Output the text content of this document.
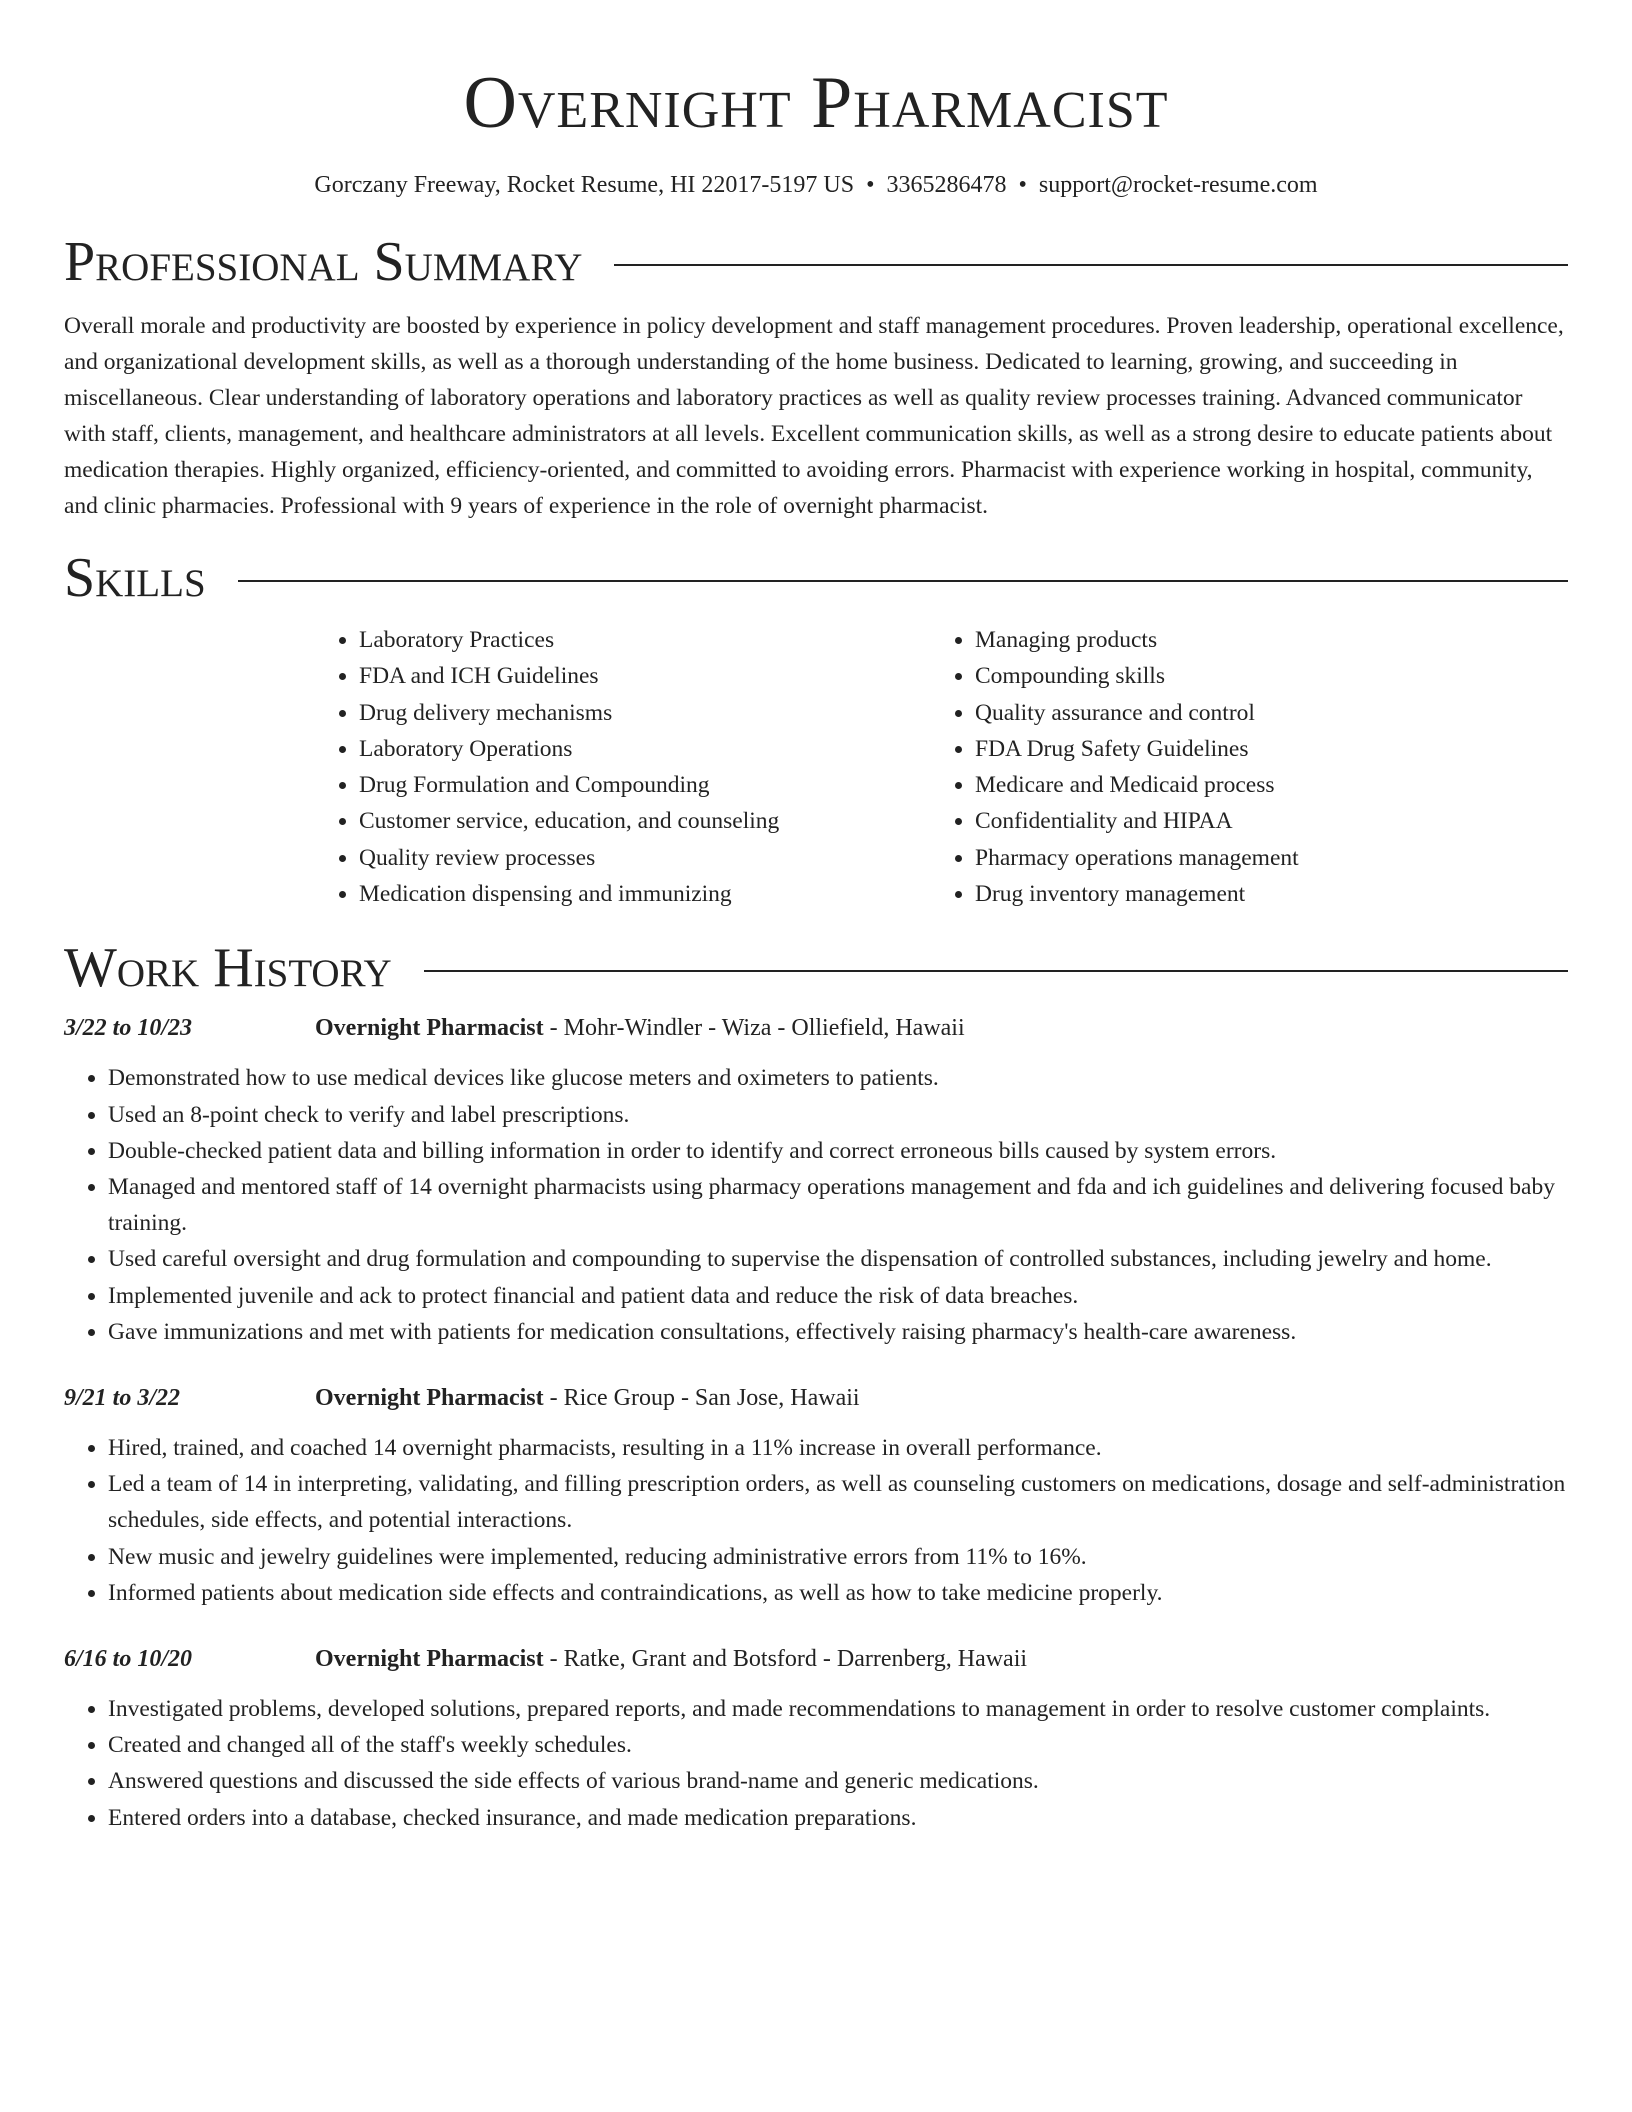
Overnight Pharmacist
Gorczany Freeway, Rocket Resume, HI 22017-5197 US • 3365286478 • support@rocket-resume.com
Professional Summary

Overall morale and productivity are boosted by experience in policy development and staff management procedures. Proven leadership, operational excellence, and organizational development skills, as well as a thorough understanding of the home business. Dedicated to learning, growing, and succeeding in miscellaneous. Clear understanding of laboratory operations and laboratory practices as well as quality review processes training. Advanced communicator with staff, clients, management, and healthcare administrators at all levels. Excellent communication skills, as well as a strong desire to educate patients about medication therapies. Highly organized, efficiency-oriented, and committed to avoiding errors. Pharmacist with experience working in hospital, community, and clinic pharmacies. Professional with 9 years of experience in the role of overnight pharmacist.

Skills
• Laboratory Practices
• FDA and ICH Guidelines
• Drug delivery mechanisms
• Laboratory Operations
• Drug Formulation and Compounding
• Customer service, education, and counseling
• Quality review processes
• Medication dispensing and immunizing
• Managing products
• Compounding skills
• Quality assurance and control
• FDA Drug Safety Guidelines
• Medicare and Medicaid process
• Confidentiality and HIPAA
• Pharmacy operations management
• Drug inventory management
Work History
3/22 to 10/23	Overnight Pharmacist - Mohr-Windler - Wiza - Olliefield, Hawaii
• Demonstrated how to use medical devices like glucose meters and oximeters to patients.
• Used an 8-point check to verify and label prescriptions.
• Double-checked patient data and billing information in order to identify and correct erroneous bills caused by system errors.
• Managed and mentored staff of 14 overnight pharmacists using pharmacy operations management and fda and ich guidelines and delivering focused baby training.
• Used careful oversight and drug formulation and compounding to supervise the dispensation of controlled substances, including jewelry and home.
• Implemented juvenile and ack to protect financial and patient data and reduce the risk of data breaches.
• Gave immunizations and met with patients for medication consultations, effectively raising pharmacy's health-care awareness.
9/21 to 3/22	Overnight Pharmacist - Rice Group - San Jose, Hawaii
• Hired, trained, and coached 14 overnight pharmacists, resulting in a 11% increase in overall performance.
• Led a team of 14 in interpreting, validating, and filling prescription orders, as well as counseling customers on medications, dosage and self-administration schedules, side effects, and potential interactions.
• New music and jewelry guidelines were implemented, reducing administrative errors from 11% to 16%.
• Informed patients about medication side effects and contraindications, as well as how to take medicine properly.
6/16 to 10/20	Overnight Pharmacist - Ratke, Grant and Botsford - Darrenberg, Hawaii
• Investigated problems, developed solutions, prepared reports, and made recommendations to management in order to resolve customer complaints.
• Created and changed all of the staff's weekly schedules.
• Answered questions and discussed the side effects of various brand-name and generic medications.
• Entered orders into a database, checked insurance, and made medication preparations.
